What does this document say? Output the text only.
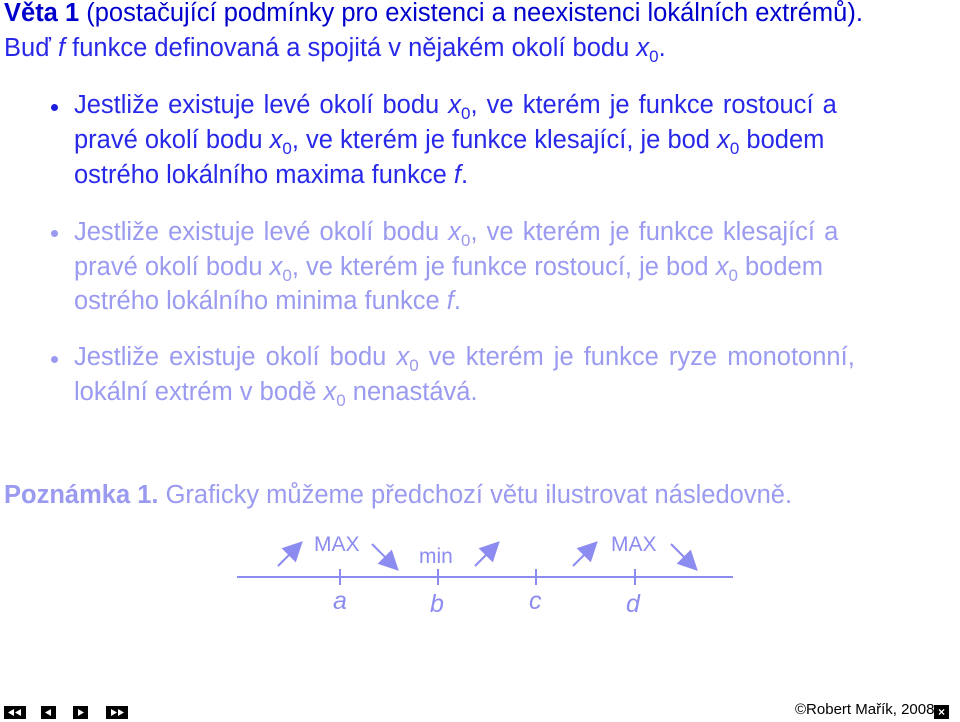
Věta 1 (postačující podmínky pro existenci a neexistenci lokálních extrémů).
Buď f funkce definovaná a spojitá v nějakém okolí bodu $x_0$.
Jestliže existuje levé okolí bodu $x_0$, ve kterém je funkce rostoucí a
pravé okolí bodu $x_0$, ve kterém je funkce klesající, je bod $x_0$ bodem
ostrého lokálního maxima funkce f.
Jestliže existuje levé okolí bodu $x_0$, ve kterém je funkce klesající a
pravé okolí bodu $x_0$, ve kterém je funkce rostoucí, je bod $x_0$ bodem
ostrého lokálního minima funkce f.
Jestliže existuje okolí bodu $x_0$ ve kterém je funkce ryze monotonní,
lokální extrém v bodě $x_0$ nenastává.
Poznámka 1. Graficky můžeme předchozí větu ilustrovat následovně.
MAX
min
MAX
a	b	c	d
©Robert Mařík, 2008 ×
